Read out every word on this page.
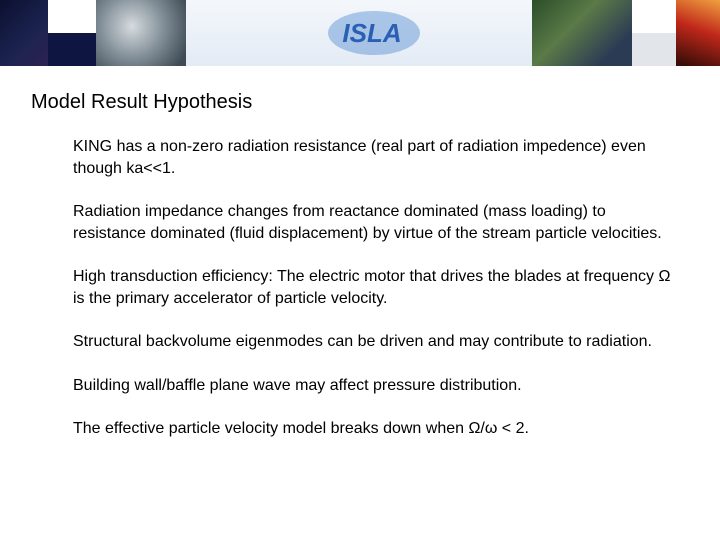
ISLA
Model Result Hypothesis

KING has a non-zero radiation resistance (real part of radiation impedence) even though ka<<1.

Radiation impedance changes from reactance dominated (mass loading) to resistance dominated (fluid displacement) by virtue of the stream particle velocities.

High transduction efficiency: The electric motor that drives the blades at frequency Ω is the primary accelerator of particle velocity.

Structural backvolume eigenmodes can be driven and may contribute to radiation.

Building wall/baffle plane wave may affect pressure distribution.

The effective particle velocity model breaks down when Ω/ω < 2.
